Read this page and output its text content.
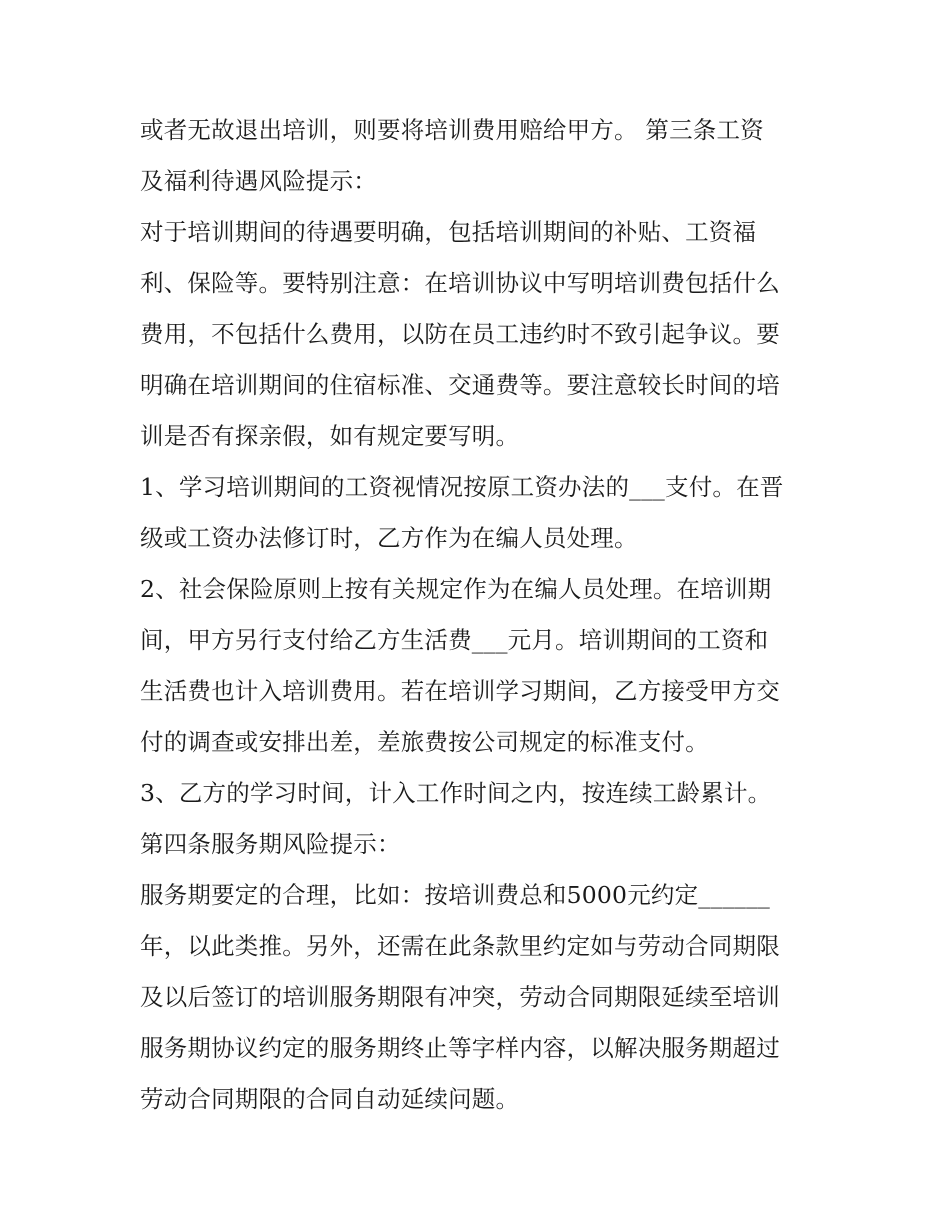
或者无故退出培训，则要将培训费用赔给甲方。 第三条工资
及福利待遇风险提示：
对于培训期间的待遇要明确，包括培训期间的补贴、工资福
利、保险等。要特别注意：在培训协议中写明培训费包括什么
费用，不包括什么费用，以防在员工违约时不致引起争议。要
明确在培训期间的住宿标准、交通费等。要注意较长时间的培
训是否有探亲假，如有规定要写明。
1、学习培训期间的工资视情况按原工资办法的___支付。在晋
级或工资办法修订时，乙方作为在编人员处理。
2、社会保险原则上按有关规定作为在编人员处理。在培训期
间，甲方另行支付给乙方生活费___元月。培训期间的工资和
生活费也计入培训费用。若在培训学习期间，乙方接受甲方交
付的调查或安排出差，差旅费按公司规定的标准支付。
3、乙方的学习时间，计入工作时间之内，按连续工龄累计。
第四条服务期风险提示：
服务期要定的合理，比如：按培训费总和5000元约定______
年，以此类推。另外，还需在此条款里约定如与劳动合同期限
及以后签订的培训服务期限有冲突，劳动合同期限延续至培训
服务期协议约定的服务期终止等字样内容，以解决服务期超过
劳动合同期限的合同自动延续问题。
